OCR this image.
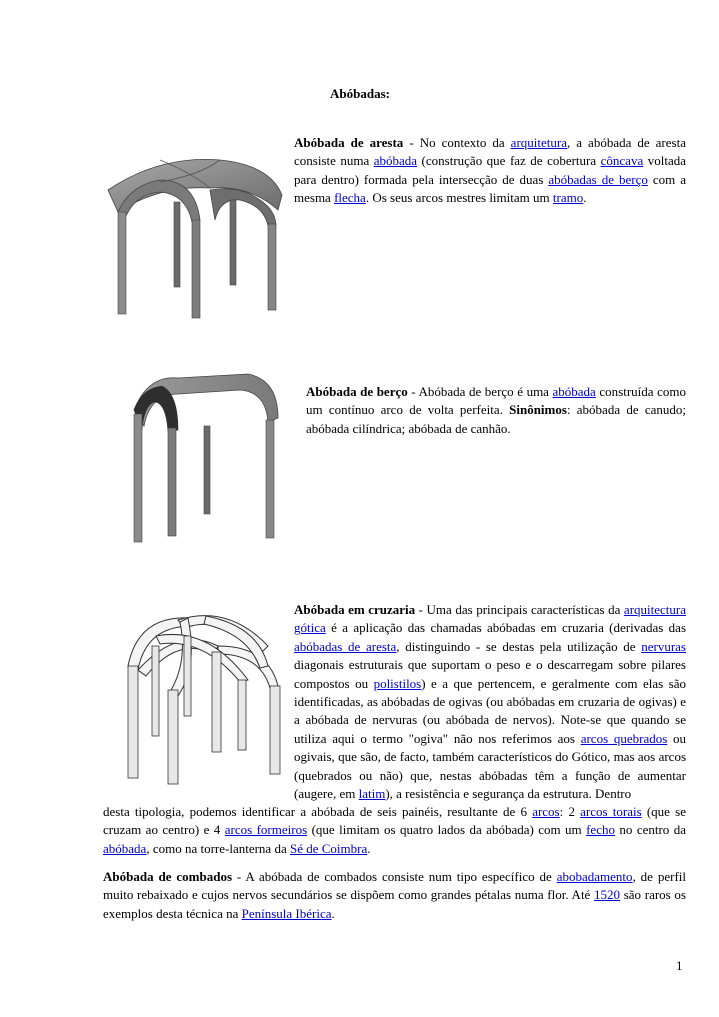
Abóbadas:
Abóbada de aresta - No contexto da arquitetura, a abóbada de aresta consiste numa abóbada (construção que faz de cobertura côncava voltada para dentro) formada pela intersecção de duas abóbadas de berço com a mesma flecha. Os seus arcos mestres limitam um tramo.
Abóbada de berço - Abóbada de berço é uma abóbada construída como um contínuo arco de volta perfeita. Sinônimos: abóbada de canudo; abóbada cilíndrica; abóbada de canhão.
Abóbada em cruzaria - Uma das principais características da arquitectura gótica é a aplicação das chamadas abóbadas em cruzaria (derivadas das abóbadas de aresta, distinguindo - se destas pela utilização de nervuras diagonais estruturais que suportam o peso e o descarregam sobre pilares compostos ou polistilos) e a que pertencem, e geralmente com elas são identificadas, as abóbadas de ogivas (ou abóbadas em cruzaria de ogivas) e a abóbada de nervuras (ou abóbada de nervos). Note-se que quando se utiliza aqui o termo "ogiva" não nos referimos aos arcos quebrados ou ogivais, que são, de facto, também característicos do Gótico, mas aos arcos (quebrados ou não) que, nestas abóbadas têm a função de aumentar (augere, em latim), a resistência e segurança da estrutura. Dentro
desta tipologia, podemos identificar a abóbada de seis painéis, resultante de 6 arcos: 2 arcos torais (que se cruzam ao centro) e 4 arcos formeiros (que limitam os quatro lados da abóbada) com um fecho no centro da abóbada, como na torre-lanterna da Sé de Coimbra.
Abóbada de combados - A abóbada de combados consiste num tipo específico de abobadamento, de perfil muito rebaixado e cujos nervos secundários se dispõem como grandes pétalas numa flor. Até 1520 são raros os exemplos desta técnica na Península Ibérica.
1
